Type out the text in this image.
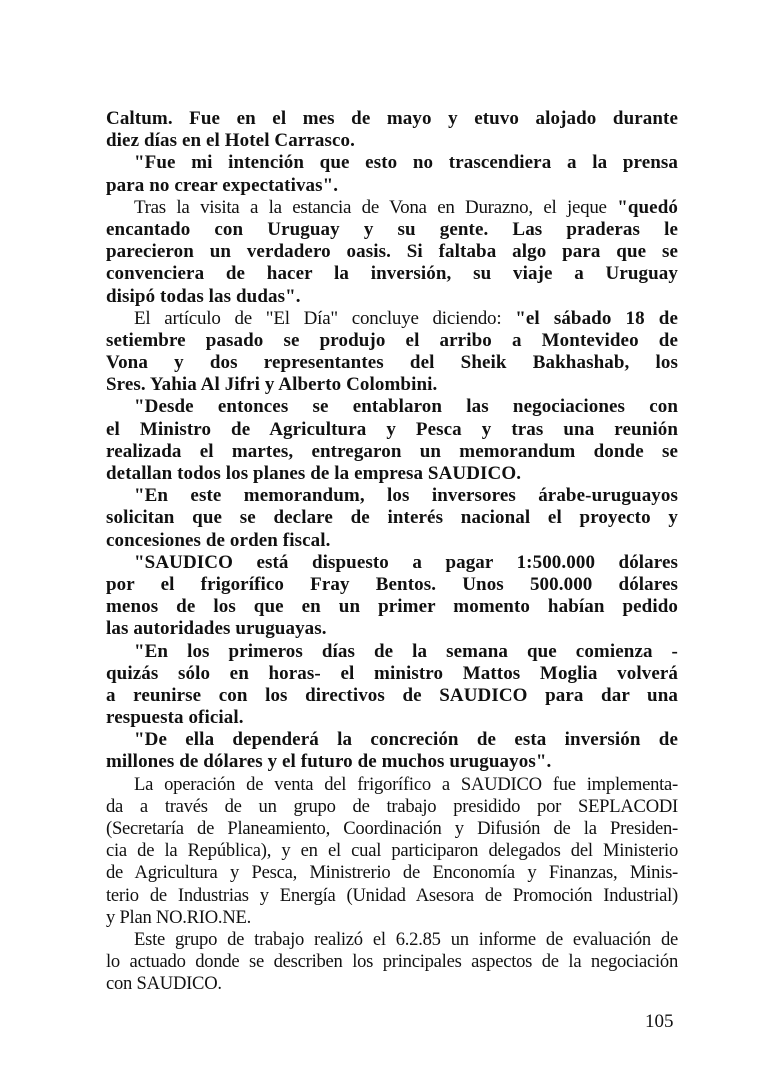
Caltum. Fue en el mes de mayo y etuvo alojado durante
diez días en el Hotel Carrasco.
"Fue mi intención que esto no trascendiera a la prensa
para no crear expectativas".
Tras la visita a la estancia de Vona en Durazno, el jeque "quedó
encantado con Uruguay y su gente. Las praderas le
parecieron un verdadero oasis. Si faltaba algo para que se
convenciera de hacer la inversión, su viaje a Uruguay
disipó todas las dudas".
El artículo de "El Día" concluye diciendo: "el sábado 18 de
setiembre pasado se produjo el arribo a Montevideo de
Vona y dos representantes del Sheik Bakhashab, los
Sres. Yahia Al Jifri y Alberto Colombini.
"Desde entonces se entablaron las negociaciones con
el Ministro de Agricultura y Pesca y tras una reunión
realizada el martes, entregaron un memorandum donde se
detallan todos los planes de la empresa SAUDICO.
"En este memorandum, los inversores árabe-uruguayos
solicitan que se declare de interés nacional el proyecto y
concesiones de orden fiscal.
"SAUDICO está dispuesto a pagar 1:500.000 dólares
por el frigorífico Fray Bentos. Unos 500.000 dólares
menos de los que en un primer momento habían pedido
las autoridades uruguayas.
"En los primeros días de la semana que comienza -
quizás sólo en horas- el ministro Mattos Moglia volverá
a reunirse con los directivos de SAUDICO para dar una
respuesta oficial.
"De ella dependerá la concreción de esta inversión de
millones de dólares y el futuro de muchos uruguayos".
La operación de venta del frigorífico a SAUDICO fue implementa-
da a través de un grupo de trabajo presidido por SEPLACODI
(Secretaría de Planeamiento, Coordinación y Difusión de la Presiden-
cia de la República), y en el cual participaron delegados del Ministerio
de Agricultura y Pesca, Ministrerio de Enconomía y Finanzas, Minis-
terio de Industrias y Energía (Unidad Asesora de Promoción Industrial)
y Plan NO.RIO.NE.
Este grupo de trabajo realizó el 6.2.85 un informe de evaluación de
lo actuado donde se describen los principales aspectos de la negociación
con SAUDICO.
105
